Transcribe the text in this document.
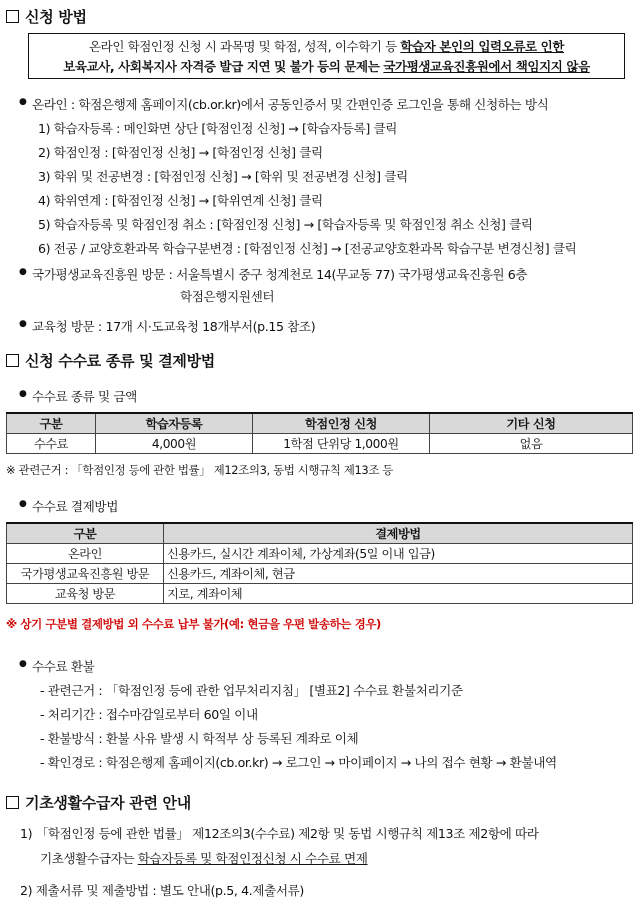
신청 방법
온라인 학점인정 신청 시 과목명 및 학점, 성적, 이수학기 등 학습자 본인의 입력오류로 인한
보육교사, 사회복지사 자격증 발급 지연 및 불가 등의 문제는 국가평생교육진흥원에서 책임지지 않음
● 온라인 : 학점은행제 홈페이지(cb.or.kr)에서 공동인증서 및 간편인증 로그인을 통해 신청하는 방식
1) 학습자등록 : 메인화면 상단 [학점인정 신청] → [학습자등록] 클릭
2) 학점인정 : [학점인정 신청] → [학점인정 신청] 클릭
3) 학위 및 전공변경 : [학점인정 신청] → [학위 및 전공변경 신청] 클릭
4) 학위연계 : [학점인정 신청] → [학위연계 신청] 클릭
5) 학습자등록 및 학점인정 취소 : [학점인정 신청] → [학습자등록 및 학점인정 취소 신청] 클릭
6) 전공 / 교양호환과목 학습구분변경 : [학점인정 신청] → [전공교양호환과목 학습구분 변경신청] 클릭
● 국가평생교육진흥원 방문 : 서울특별시 중구 청계천로 14(무교동 77) 국가평생교육진흥원 6층
학점은행지원센터
● 교육청 방문 : 17개 시·도교육청 18개부서(p.15 참조)
신청 수수료 종류 및 결제방법
● 수수료 종류 및 금액
구분	학습자등록	학점인정 신청	기타 신청
수수료	4,000원	1학점 단위당 1,000원	없음
※ 관련근거 : 「학점인정 등에 관한 법률」 제12조의3, 동법 시행규칙 제13조 등
● 수수료 결제방법
구분	결제방법
온라인	신용카드, 실시간 계좌이체, 가상계좌(5일 이내 입금)
국가평생교육진흥원 방문	신용카드, 계좌이체, 현금
교육청 방문	지로, 계좌이체
※ 상기 구분별 결제방법 외 수수료 납부 불가(예: 현금을 우편 발송하는 경우)
● 수수료 환불
- 관련근거 : 「학점인정 등에 관한 업무처리지침」 [별표2] 수수료 환불처리기준
- 처리기간 : 접수마감일로부터 60일 이내
- 환불방식 : 환불 사유 발생 시 학적부 상 등록된 계좌로 이체
- 확인경로 : 학점은행제 홈페이지(cb.or.kr) → 로그인 → 마이페이지 → 나의 접수 현황 → 환불내역
기초생활수급자 관련 안내
1) 「학점인정 등에 관한 법률」 제12조의3(수수료) 제2항 및 동법 시행규칙 제13조 제2항에 따라
기초생활수급자는 학습자등록 및 학점인정신청 시 수수료 면제
2) 제출서류 및 제출방법 : 별도 안내(p.5, 4.제출서류)
